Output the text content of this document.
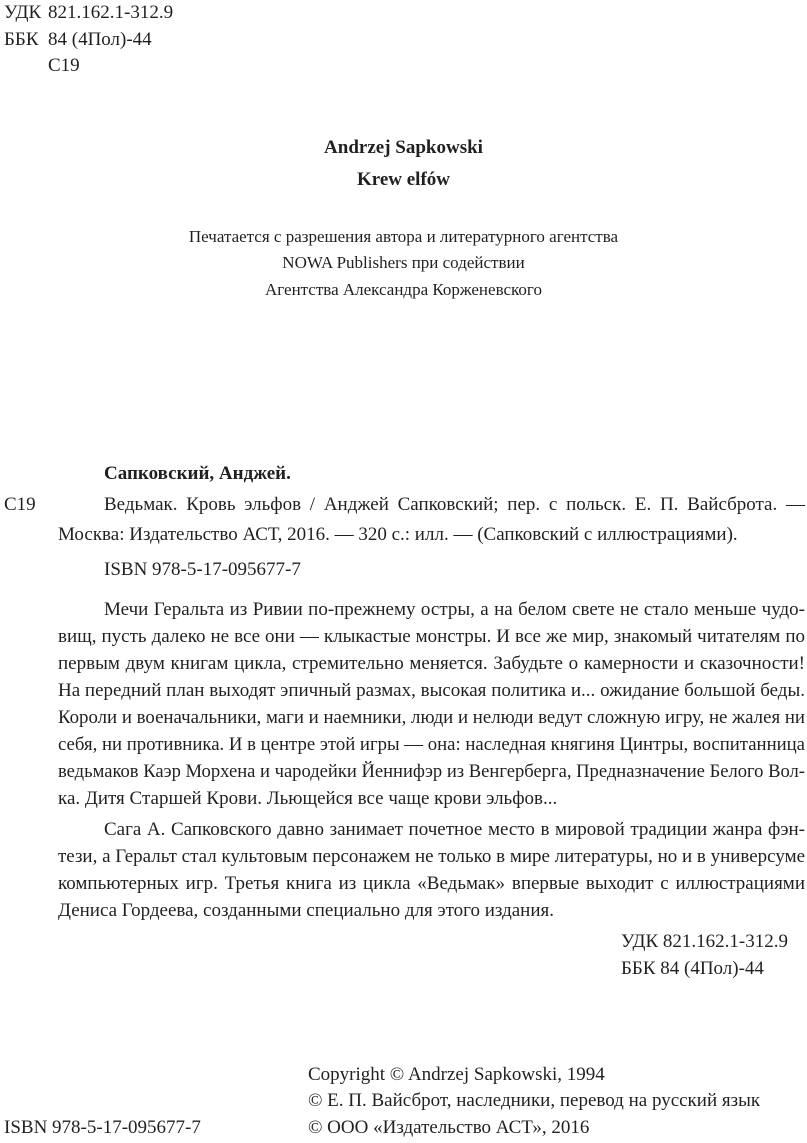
УДК 821.162.1-312.9
ББК 84 (4Пол)-44
С19
Andrzej Sapkowski
Krew elfów
Печатается с разрешения автора и литературного агентства
NOWA Publishers при содействии
Агентства Александра Корженевского
Сапковский, Анджей.
С19	Ведьмак. Кровь эльфов / Анджей Сапковский; пер. с польск. Е. П. Вайсброта. —
Москва: Издательство АСТ, 2016. — 320 с.: илл. — (Сапковский с иллюстрациями).
ISBN 978-5-17-095677-7
Мечи Геральта из Ривии по-прежнему остры, а на белом свете не стало меньше чудо-
вищ, пусть далеко не все они — клыкастые монстры. И все же мир, знакомый читателям по
первым двум книгам цикла, стремительно меняется. Забудьте о камерности и сказочности!
На передний план выходят эпичный размах, высокая политика и... ожидание большой беды.
Короли и военачальники, маги и наемники, люди и нелюди ведут сложную игру, не жалея ни
себя, ни противника. И в центре этой игры — она: наследная княгиня Цинтры, воспитанница
ведьмаков Каэр Морхена и чародейки Йеннифэр из Венгерберга, Предназначение Белого Вол-
ка. Дитя Старшей Крови. Льющейся все чаще крови эльфов...
Сага А. Сапковского давно занимает почетное место в мировой традиции жанра фэн-
тези, а Геральт стал культовым персонажем не только в мире литературы, но и в универсуме
компьютерных игр. Третья книга из цикла «Ведьмак» впервые выходит с иллюстрациями
Дениса Гордеева, созданными специально для этого издания.
УДК 821.162.1-312.9
ББК 84 (4Пол)-44
ISBN 978-5-17-095677-7
Copyright © Andrzej Sapkowski, 1994
© Е. П. Вайсброт, наследники, перевод на русский язык
© ООО «Издательство АСТ», 2016
